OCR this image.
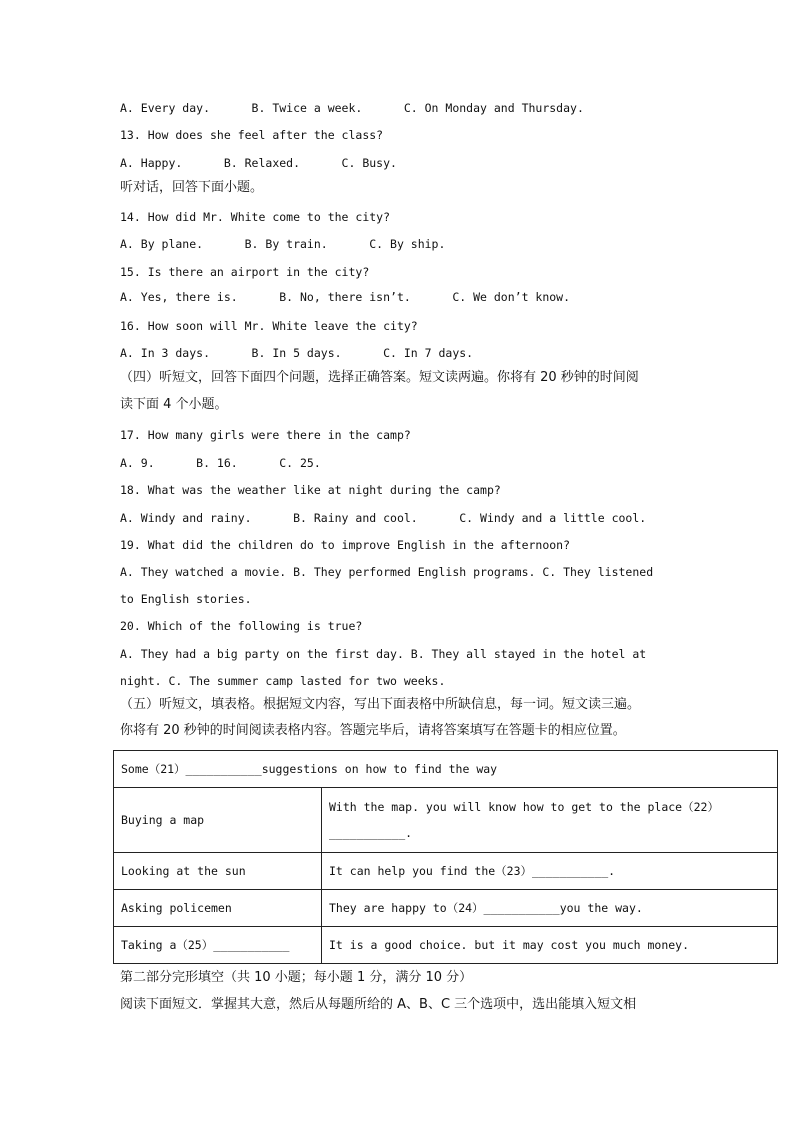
A. Every day.      B. Twice a week.      C. On Monday and Thursday.
13. How does she feel after the class?
A. Happy.      B. Relaxed.      C. Busy.
听对话，回答下面小题。
14. How did Mr. White come to the city?
A. By plane.      B. By train.      C. By ship.
15. Is there an airport in the city?
A. Yes, there is.      B. No, there isn’t.      C. We don’t know.
16. How soon will Mr. White leave the city?
A. In 3 days.      B. In 5 days.      C. In 7 days.
（四）听短文，回答下面四个问题，选择正确答案。短文读两遍。你将有 20 秒钟的时间阅
读下面 4 个小题。
17. How many girls were there in the camp?
A. 9.      B. 16.      C. 25.
18. What was the weather like at night during the camp?
A. Windy and rainy.      B. Rainy and cool.      C. Windy and a little cool.
19. What did the children do to improve English in the afternoon?
A. They watched a movie. B. They performed English programs. C. They listened
to English stories.
20. Which of the following is true?
A. They had a big party on the first day. B. They all stayed in the hotel at
night. C. The summer camp lasted for two weeks.
（五）听短文，填表格。根据短文内容，写出下面表格中所缺信息，每一词。短文读三遍。
你将有 20 秒钟的时间阅读表格内容。答题完毕后，请将答案填写在答题卡的相应位置。
Some（21）___________suggestions on how to find the way	
Buying a map	With the map. you will know how to get to the place（22）
___________.

Looking at the sun	It can help you find the（23）___________.
Asking policemen	They are happy to（24）___________you the way.
Taking a（25）___________	It is a good choice. but it may cost you much money.
第二部分完形填空（共 10 小题；每小题 1 分，满分 10 分）
阅读下面短文．掌握其大意，然后从每题所给的 A、B、C 三个选项中，选出能填入短文相
